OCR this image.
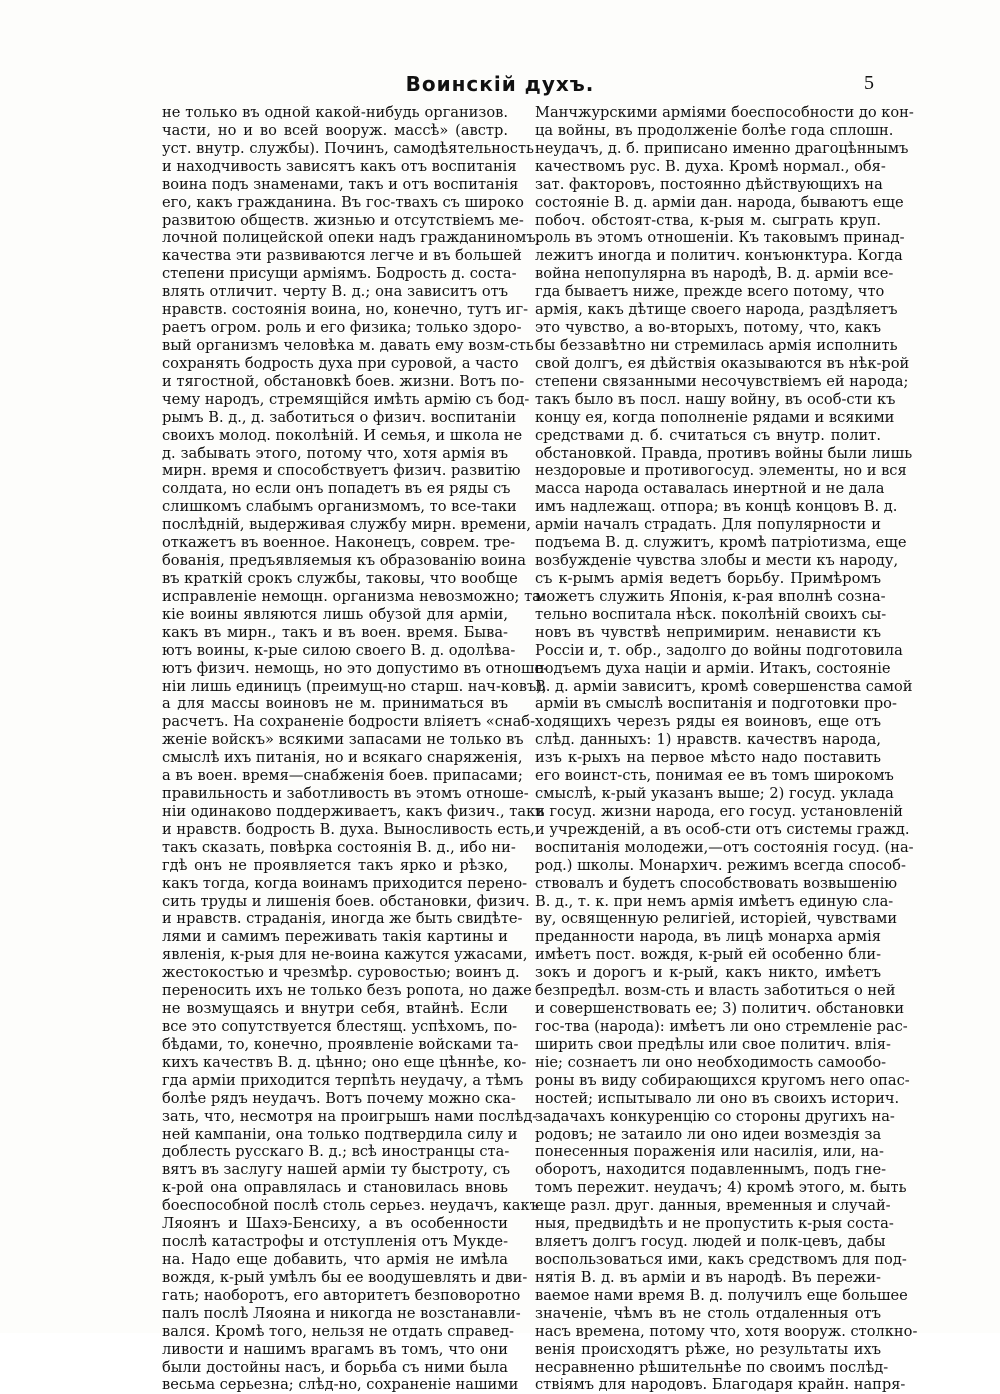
Воинскій духъ.	5
не только въ одной какой-нибудь организов.
части, но и во всей вооруж. массѣ» (австр.
уст. внутр. службы). Починъ, самодѣятельность
и находчивость зависятъ какъ отъ воспитанія
воина подъ знаменами, такъ и отъ воспитанія
его, какъ гражданина. Въ гос-твахъ съ широко
развитою обществ. жизнью и отсутствіемъ ме-
лочной полицейской опеки надъ гражданиномъ,
качества эти развиваются легче и въ большей
степени присущи арміямъ. Бодрость д. соста-
влять отличит. черту В. д.; она зависитъ отъ
нравств. состоянія воина, но, конечно, тутъ иг-
раетъ огром. роль и его физика; только здоро-
вый организмъ человѣка м. давать ему возм-сть
сохранять бодрость духа при суровой, а часто
и тягостной, обстановкѣ боев. жизни. Вотъ по-
чему народъ, стремящійся имѣть армію съ бод-
рымъ В. д., д. заботиться о физич. воспитаніи
своихъ молод. поколѣній. И семья, и школа не
д. забывать этого, потому что, хотя армія въ
мирн. время и способствуетъ физич. развитію
солдата, но если онъ попадетъ въ ея ряды съ
слишкомъ слабымъ организмомъ, то все-таки
послѣдній, выдерживая службу мирн. времени,
откажетъ въ военное. Наконецъ, соврем. тре-
бованія, предъявляемыя къ образованію воина
въ краткій срокъ службы, таковы, что вообще
исправленіе немощн. организма невозможно; та-
кіе воины являются лишь обузой для арміи,
какъ въ мирн., такъ и въ воен. время. Быва-
ютъ воины, к-рые силою своего В. д. одолѣва-
ютъ физич. немощь, но это допустимо въ отноше-
ніи лишь единицъ (преимущ-но старш. нач-ковъ),
а для массы воиновъ не м. приниматься въ
расчетъ. На сохраненіе бодрости вліяетъ «снаб-
женіе войскъ» всякими запасами не только въ
смыслѣ ихъ питанія, но и всякаго снаряженія,
а въ воен. время—снабженія боев. припасами;
правильность и заботливость въ этомъ отноше-
ніи одинаково поддерживаетъ, какъ физич., такъ
и нравств. бодрость В. духа. Выносливость есть,
такъ сказать, повѣрка состоянія В. д., ибо ни-
гдѣ онъ не проявляется такъ ярко и рѣзко,
какъ тогда, когда воинамъ приходится перено-
сить труды и лишенія боев. обстановки, физич.
и нравств. страданія, иногда же быть свидѣте-
лями и самимъ переживать такія картины и
явленія, к-рыя для не-воина кажутся ужасами,
жестокостью и чрезмѣр. суровостью; воинъ д.
переносить ихъ не только безъ ропота, но даже
не возмущаясь и внутри себя, втайнѣ. Если
все это сопутствуется блестящ. успѣхомъ, по-
бѣдами, то, конечно, проявленіе войсками та-
кихъ качествъ В. д. цѣнно; оно еще цѣннѣе, ко-
гда арміи приходится терпѣть неудачу, а тѣмъ
болѣе рядъ неудачъ. Вотъ почему можно ска-
зать, что, несмотря на проигрышъ нами послѣд-
ней кампаніи, она только подтвердила силу и
доблесть русскаго В. д.; всѣ иностранцы ста-
вятъ въ заслугу нашей арміи ту быстроту, съ
к-рой она оправлялась и становилась вновь
боеспособной послѣ столь серьез. неудачъ, какъ
Ляоянъ и Шахэ-Бенсиху, а въ особенности
послѣ катастрофы и отступленія отъ Мукде-
на. Надо еще добавить, что армія не имѣла
вождя, к-рый умѣлъ бы ее воодушевлять и дви-
гать; наоборотъ, его авторитетъ безповоротно
палъ послѣ Ляояна и никогда не возстанавли-
вался. Кромѣ того, нельзя не отдать справед-
ливости и нашимъ врагамъ въ томъ, что они
были достойны насъ, и борьба съ ними была
весьма серьезна; слѣд-но, сохраненіе нашими
Манчжурскими арміями боеспособности до кон-
ца войны, въ продолженіе болѣе года сплошн.
неудачъ, д. б. приписано именно драгоцѣннымъ
качествомъ рус. В. духа. Кромѣ нормал., обя-
зат. факторовъ, постоянно дѣйствующихъ на
состояніе В. д. арміи дан. народа, бываютъ еще
побоч. обстоят-ства, к-рыя м. сыграть круп.
роль въ этомъ отношеніи. Къ таковымъ принад-
лежитъ иногда и политич. конъюнктура. Когда
война непопулярна въ народѣ, В. д. арміи все-
гда бываетъ ниже, прежде всего потому, что
армія, какъ дѣтище своего народа, раздѣляетъ
это чувство, а во-вторыхъ, потому, что, какъ
бы беззавѣтно ни стремилась армія исполнить
свой долгъ, ея дѣйствія оказываются въ нѣк-рой
степени связанными несочувствіемъ ей народа;
такъ было въ посл. нашу войну, въ особ-сти къ
концу ея, когда пополненіе рядами и всякими
средствами д. б. считаться съ внутр. полит.
обстановкой. Правда, противъ войны были лишь
нездоровые и противогосуд. элементы, но и вся
масса народа оставалась инертной и не дала
имъ надлежащ. отпора; въ концѣ концовъ В. д.
арміи началъ страдать. Для популярности и
подъема В. д. служитъ, кромѣ патріотизма, еще
возбужденіе чувства злобы и мести къ народу,
съ к-рымъ армія ведетъ борьбу. Примѣромъ
можетъ служить Японія, к-рая вполнѣ созна-
тельно воспитала нѣск. поколѣній своихъ сы-
новъ въ чувствѣ непримирим. ненависти къ
Россіи и, т. обр., задолго до войны подготовила
подъемъ духа націи и арміи. Итакъ, состояніе
В. д. арміи зависитъ, кромѣ совершенства самой
арміи въ смыслѣ воспитанія и подготовки про-
ходящихъ черезъ ряды ея воиновъ, еще отъ
слѣд. данныхъ: 1) нравств. качествъ народа,
изъ к-рыхъ на первое мѣсто надо поставить
его воинст-сть, понимая ее въ томъ широкомъ
смыслѣ, к-рый указанъ выше; 2) госуд. уклада
и госуд. жизни народа, его госуд. установленій
и учрежденій, а въ особ-сти отъ системы гражд.
воспитанія молодежи,—отъ состоянія госуд. (на-
род.) школы. Монархич. режимъ всегда способ-
ствовалъ и будетъ способствовать возвышенію
В. д., т. к. при немъ армія имѣетъ единую сла-
ву, освященную религіей, исторіей, чувствами
преданности народа, въ лицѣ монарха армія
имѣетъ пост. вождя, к-рый ей особенно бли-
зокъ и дорогъ и к-рый, какъ никто, имѣетъ
безпредѣл. возм-сть и власть заботиться о ней
и совершенствовать ее; 3) политич. обстановки
гос-тва (народа): имѣетъ ли оно стремленіе рас-
ширить свои предѣлы или свое политич. влія-
ніе; сознаетъ ли оно необходимость самообо-
роны въ виду собирающихся кругомъ него опас-
ностей; испытывало ли оно въ своихъ историч.
задачахъ конкуренцію со стороны другихъ на-
родовъ; не затаило ли оно идеи возмездія за
понесенныя пораженія или насилія, или, на-
оборотъ, находится подавленнымъ, подъ гне-
томъ пережит. неудачъ; 4) кромѣ этого, м. быть
еще разл. друг. данныя, временныя и случай-
ныя, предвидѣть и не пропустить к-рыя соста-
вляетъ долгъ госуд. людей и полк-цевъ, дабы
воспользоваться ими, какъ средствомъ для под-
нятія В. д. въ арміи и въ народѣ. Въ пережи-
ваемое нами время В. д. получилъ еще большее
значеніе, чѣмъ въ не столь отдаленныя отъ
насъ времена, потому что, хотя вооруж. столкно-
венія происходятъ рѣже, но результаты ихъ
несравненно рѣшительнѣе по своимъ послѣд-
ствіямъ для народовъ. Благодаря крайн. напря-
